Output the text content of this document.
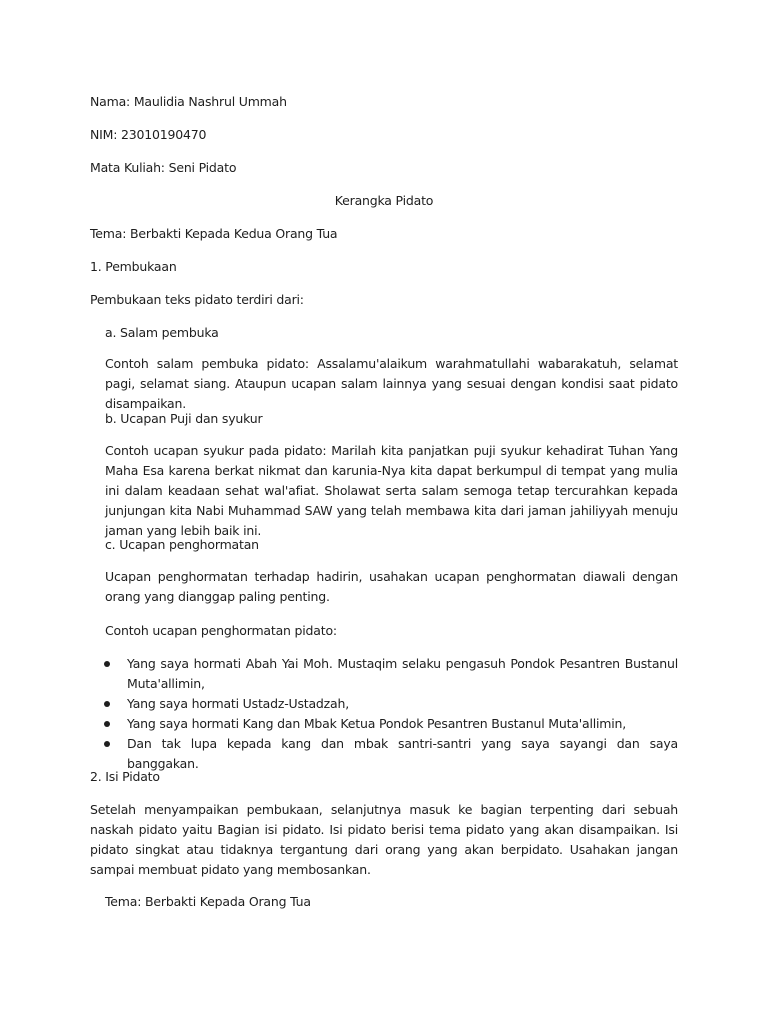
Nama: Maulidia Nashrul Ummah

NIM: 23010190470

Mata Kuliah: Seni Pidato

Kerangka Pidato

Tema: Berbakti Kepada Kedua Orang Tua

1. Pembukaan

Pembukaan teks pidato terdiri dari:

a. Salam pembuka

Contoh salam pembuka pidato: Assalamu'alaikum warahmatullahi wabarakatuh, selamat pagi, selamat siang. Ataupun ucapan salam lainnya yang sesuai dengan kondisi saat pidato disampaikan.

b. Ucapan Puji dan syukur

Contoh ucapan syukur pada pidato: Marilah kita panjatkan puji syukur kehadirat Tuhan Yang Maha Esa karena berkat nikmat dan karunia-Nya kita dapat berkumpul di tempat yang mulia ini dalam keadaan sehat wal'afiat. Sholawat serta salam semoga tetap tercurahkan kepada junjungan kita Nabi Muhammad SAW yang telah membawa kita dari jaman jahiliyyah menuju jaman yang lebih baik ini.

c. Ucapan penghormatan

Ucapan penghormatan terhadap hadirin, usahakan ucapan penghormatan diawali dengan orang yang dianggap paling penting.

Contoh ucapan penghormatan pidato:

Yang saya hormati Abah Yai Moh. Mustaqim selaku pengasuh Pondok Pesantren Bustanul Muta'allimin,
Yang saya hormati Ustadz-Ustadzah,
Yang saya hormati Kang dan Mbak Ketua Pondok Pesantren Bustanul Muta'allimin,
Dan tak lupa kepada kang dan mbak santri-santri yang saya sayangi dan saya banggakan.

2. Isi Pidato

Setelah menyampaikan pembukaan, selanjutnya masuk ke bagian terpenting dari sebuah naskah pidato yaitu Bagian isi pidato. Isi pidato berisi tema pidato yang akan disampaikan. Isi pidato singkat atau tidaknya tergantung dari orang yang akan berpidato. Usahakan jangan sampai membuat pidato yang membosankan.

Tema: Berbakti Kepada Orang Tua
